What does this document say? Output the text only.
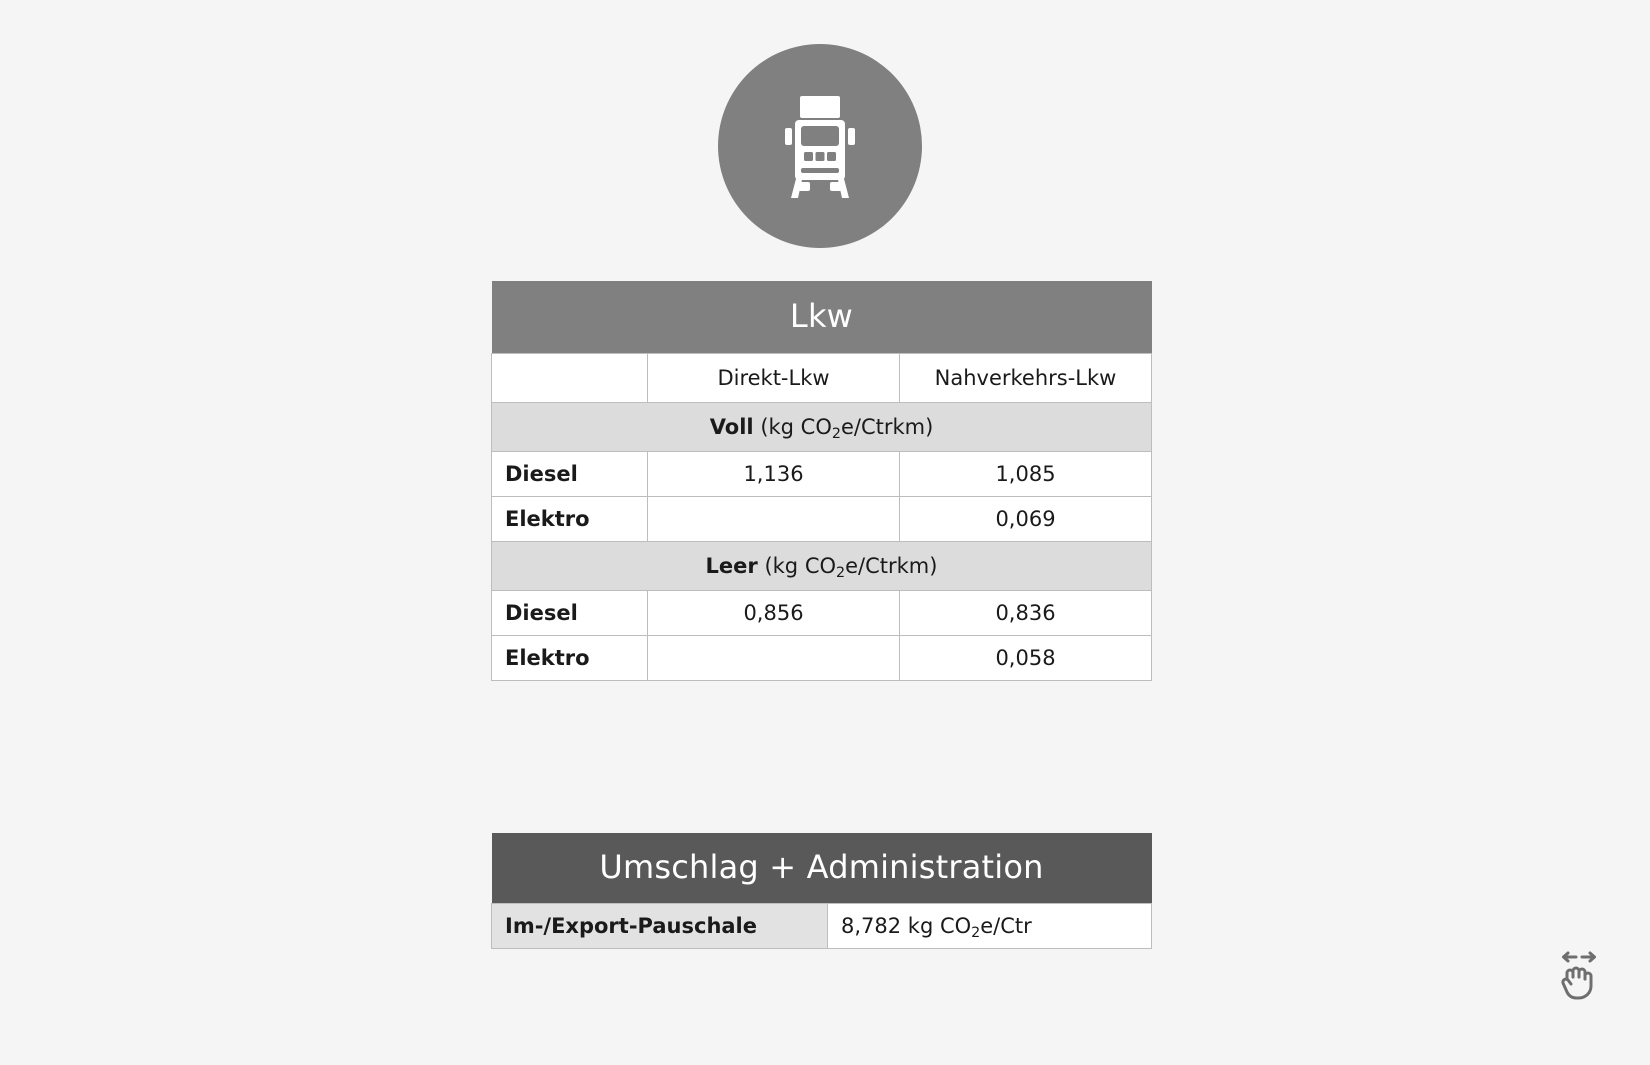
Lkw		
	Direkt-Lkw	Nahverkehrs-Lkw
Voll (kg $CO_2e/Ctrkm$)		
Diesel	1,136	1,085
Elektro		0,069
Leer (kg $CO_2e/Ctrkm$)		
Diesel	0,856	0,836
Elektro		0,058
Umschlag + Administration
Im-/Export-Pauschale	8,782 kg $CO_2e$/Ctr
